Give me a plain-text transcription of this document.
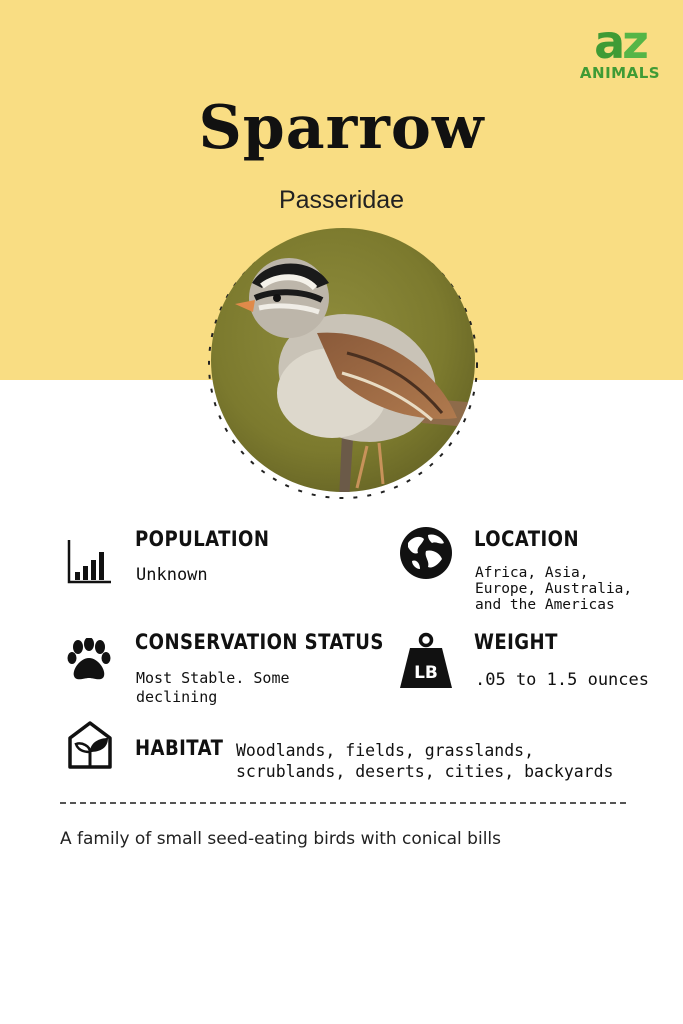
az
ANIMALS
Sparrow
Passeridae
POPULATION
Unknown
LOCATION
Africa, Asia, Europe, Australia, and the Americas
CONSERVATION STATUS
Most Stable. Some declining
LB
WEIGHT
.05 to 1.5 ounces
HABITAT Woodlands, fields, grasslands, scrublands, deserts, cities, backyards
A family of small seed-eating birds with conical bills
